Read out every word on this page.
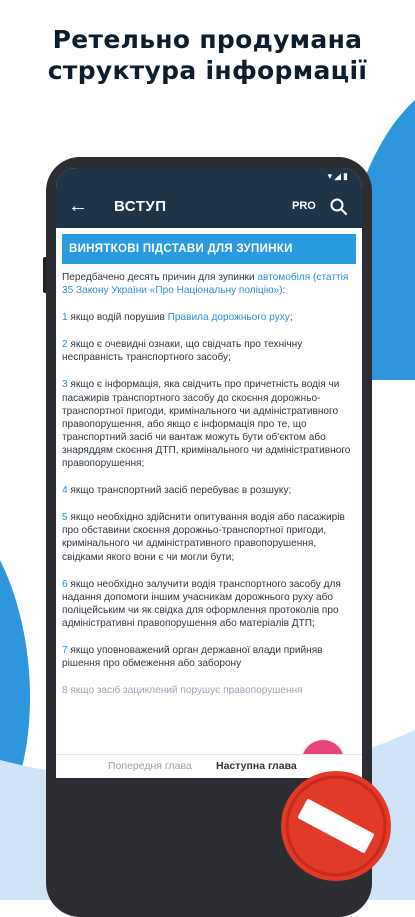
Ретельно продумана
структура інформації
▾◢▮
← ВСТУП	PRO
ВИНЯТКОВІ ПІДСТАВИ ДЛЯ ЗУПИНКИ

Передбачено десять причин для зупинки автомобіля (статтія 35 Закону України «Про Національну поліцію»):

1 якщо водій порушив Правила дорожнього руху;

2 якщо є очевидні ознаки, що свідчать про технічну несправність транспортного засобу;

3 якщо є інформація, яка свідчить про причетність водія чи пасажирів транспортного засобу до скоєння дорожньо-транспортної пригоди, кримінального чи адміністративного правопорушення, або якщо є інформація про те, що транспортний засіб чи вантаж можуть бути об'єктом або знаряддям скоєння ДТП, кримінального чи адміністративного правопорушення;

4 якщо транспортний засіб перебуває в розшуку;

5 якщо необхідно здійснити опитування водія або пасажирів про обставини скоєння дорожньо-транспортної пригоди, кримінального чи адміністративного правопорушення, свідками якого вони є чи могли бути;

6 якщо необхідно залучити водія транспортного засобу для надання допомоги іншим учасникам дорожнього руху або поліцейським чи як свідка для оформлення протоколів про адміністративні правопорушення або матеріалів ДТП;

7 якщо уповноважений орган державної влади прийняв рішення про обмеження або заборону

8 якщо засіб зациклений порушує правопорушення

Попередня глава Наступна глава
